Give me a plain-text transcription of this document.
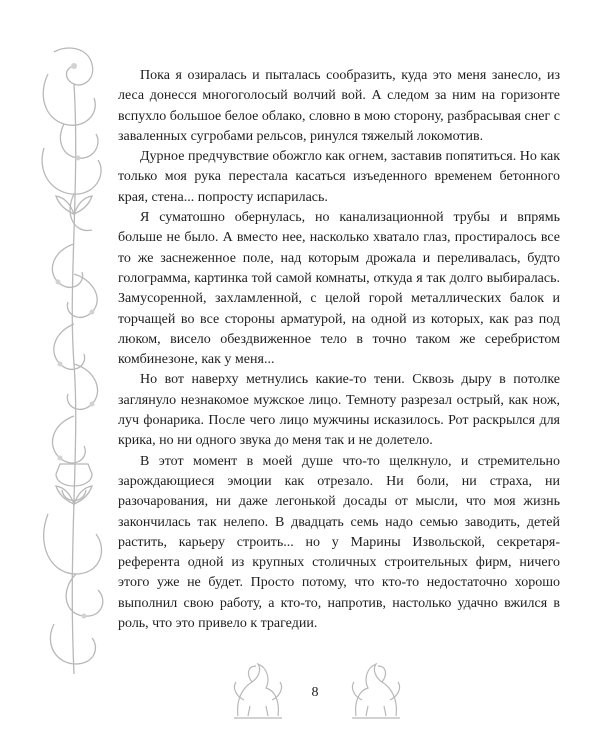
Пока я озиралась и пыталась сообразить, куда это меня занесло, из леса донесся многоголосый волчий вой. А следом за ним на горизонте вспухло большое белое облако, словно в мою сторону, разбрасывая снег с заваленных сугробами рельсов, ринулся тяжелый локомотив.

Дурное предчувствие обожгло как огнем, заставив попятиться. Но как только моя рука перестала касаться изъеденного временем бетонного края, стена... попросту испарилась.

Я суматошно обернулась, но канализационной трубы и впрямь больше не было. А вместо нее, насколько хватало глаз, простиралось все то же заснеженное поле, над которым дрожала и переливалась, будто голограмма, картинка той самой комнаты, откуда я так долго выбиралась. Замусоренной, захламленной, с целой горой металлических балок и торчащей во все стороны арматурой, на одной из которых, как раз под люком, висело обездвиженное тело в точно таком же серебристом комбинезоне, как у меня...

Но вот наверху метнулись какие-то тени. Сквозь дыру в потолке заглянуло незнакомое мужское лицо. Темноту разрезал острый, как нож, луч фонарика. После чего лицо мужчины исказилось. Рот раскрылся для крика, но ни одного звука до меня так и не долетело.

В этот момент в моей душе что-то щелкнуло, и стремительно зарождающиеся эмоции как отрезало. Ни боли, ни страха, ни разочарования, ни даже легонькой досады от мысли, что моя жизнь закончилась так нелепо. В двадцать семь надо семью заводить, детей растить, карьеру строить... но у Марины Извольской, секретаря-референта одной из крупных столичных строительных фирм, ничего этого уже не будет. Просто потому, что кто-то недостаточно хорошо выполнил свою работу, а кто-то, напротив, настолько удачно вжился в роль, что это привело к трагедии.

8
